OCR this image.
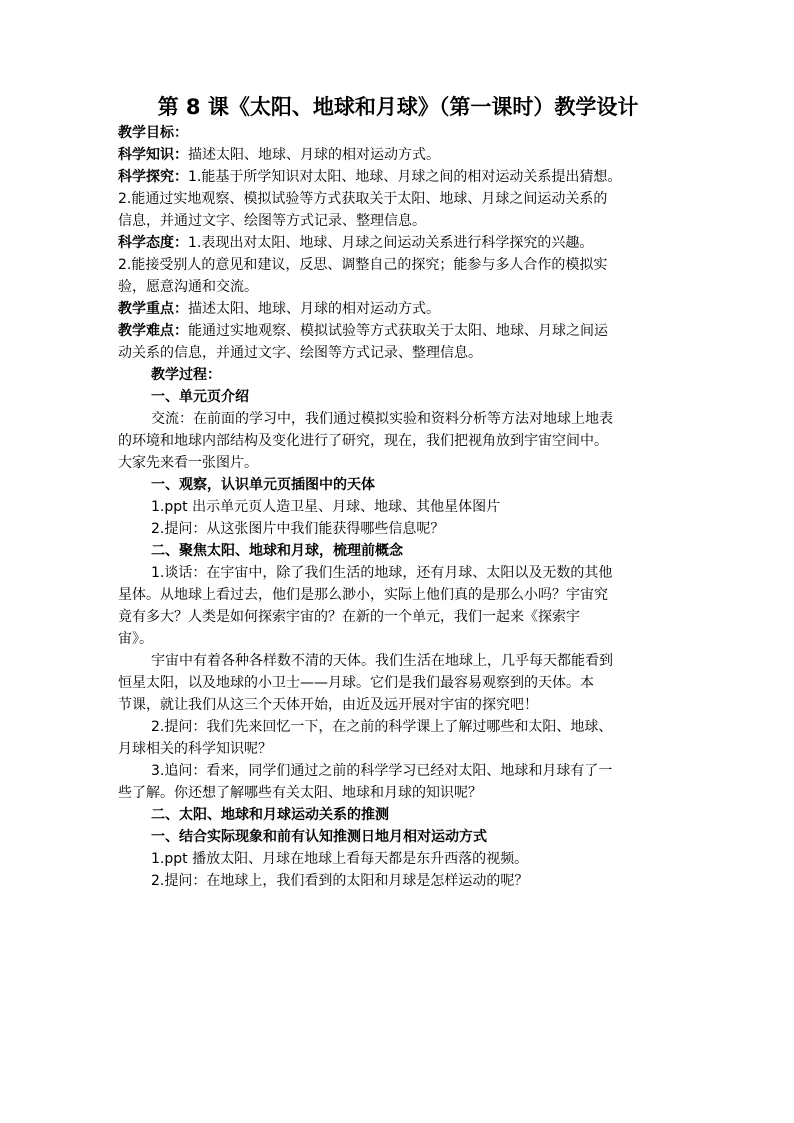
第 8 课《太阳、地球和月球》（第一课时）教学设计
教学目标：
科学知识：描述太阳、地球、月球的相对运动方式。
科学探究：1.能基于所学知识对太阳、地球、月球之间的相对运动关系提出猜想。
2.能通过实地观察、模拟试验等方式获取关于太阳、地球、月球之间运动关系的
信息，并通过文字、绘图等方式记录、整理信息。
科学态度：1.表现出对太阳、地球、月球之间运动关系进行科学探究的兴趣。
2.能接受别人的意见和建议，反思、调整自己的探究；能参与多人合作的模拟实
验，愿意沟通和交流。
教学重点：描述太阳、地球、月球的相对运动方式。
教学难点：能通过实地观察、模拟试验等方式获取关于太阳、地球、月球之间运
动关系的信息，并通过文字、绘图等方式记录、整理信息。
教学过程：
一、单元页介绍
交流：在前面的学习中，我们通过模拟实验和资料分析等方法对地球上地表
的环境和地球内部结构及变化进行了研究，现在，我们把视角放到宇宙空间中。
大家先来看一张图片。
一、观察，认识单元页插图中的天体
1.ppt 出示单元页人造卫星、月球、地球、其他星体图片
2.提问：从这张图片中我们能获得哪些信息呢？
二、聚焦太阳、地球和月球，梳理前概念
1.谈话：在宇宙中，除了我们生活的地球，还有月球、太阳以及无数的其他
星体。从地球上看过去，他们是那么渺小，实际上他们真的是那么小吗？宇宙究
竟有多大？人类是如何探索宇宙的？在新的一个单元，我们一起来《探索宇
宙》。
宇宙中有着各种各样数不清的天体。我们生活在地球上，几乎每天都能看到
恒星太阳，以及地球的小卫士——月球。它们是我们最容易观察到的天体。本
节课，就让我们从这三个天体开始，由近及远开展对宇宙的探究吧！
2.提问：我们先来回忆一下，在之前的科学课上了解过哪些和太阳、地球、
月球相关的科学知识呢？
3.追问：看来，同学们通过之前的科学学习已经对太阳、地球和月球有了一
些了解。你还想了解哪些有关太阳、地球和月球的知识呢？
二、太阳、地球和月球运动关系的推测
一、结合实际现象和前有认知推测日地月相对运动方式
1.ppt 播放太阳、月球在地球上看每天都是东升西落的视频。
2.提问：在地球上，我们看到的太阳和月球是怎样运动的呢？
